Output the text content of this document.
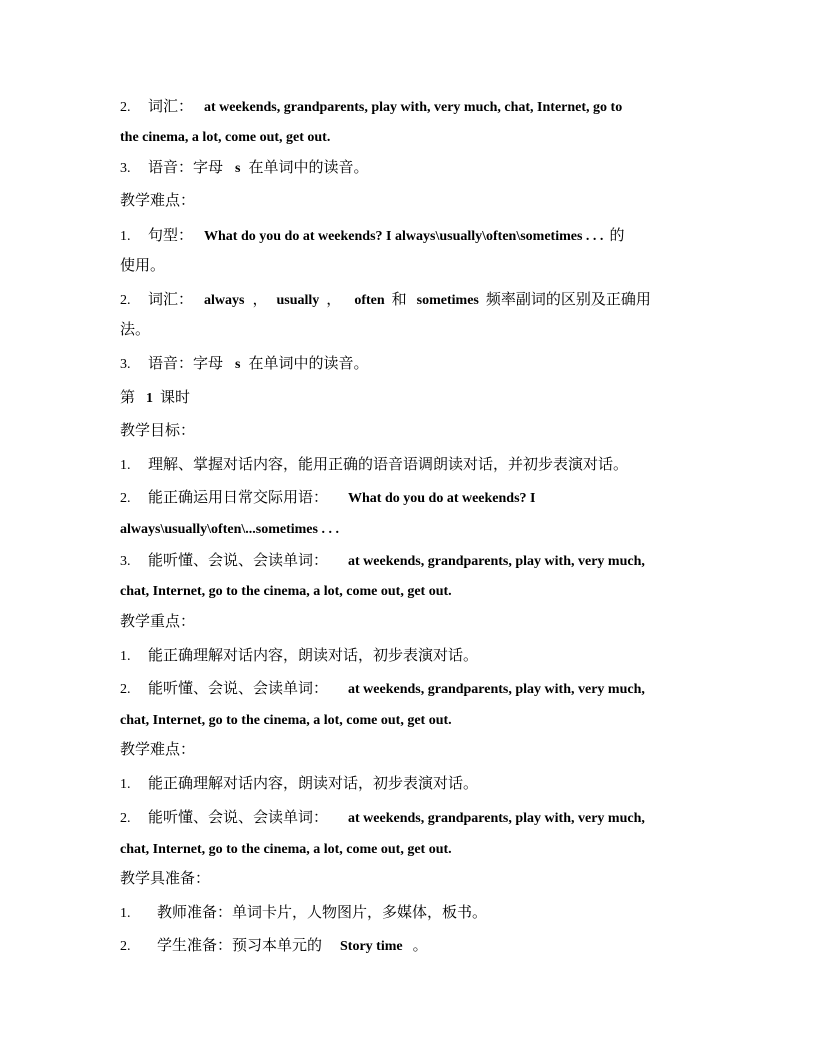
2. 词汇： at weekends, grandparents, play with, very much, chat, Internet, go to
the cinema, a lot, come out, get out.
3. 语音：字母 s 在单词中的读音。
教学难点：
1. 句型： What do you do at weekends? I always\usually\often\sometimes . . . 的
使用。
2. 词汇： always ， usually ， often 和 sometimes 频率副词的区别及正确用
法。
3. 语音：字母 s 在单词中的读音。
第 1 课时
教学目标：
1. 理解、掌握对话内容，能用正确的语音语调朗读对话，并初步表演对话。
2. 能正确运用日常交际用语： What do you do at weekends? I
always\usually\often\...sometimes . . .
3. 能听懂、会说、会读单词： at weekends, grandparents, play with, very much,
chat, Internet, go to the cinema, a lot, come out, get out.
教学重点：
1. 能正确理解对话内容，朗读对话，初步表演对话。
2. 能听懂、会说、会读单词： at weekends, grandparents, play with, very much,
chat, Internet, go to the cinema, a lot, come out, get out.
教学难点：
1. 能正确理解对话内容，朗读对话，初步表演对话。
2. 能听懂、会说、会读单词： at weekends, grandparents, play with, very much,
chat, Internet, go to the cinema, a lot, come out, get out.
教学具准备：
1. 教师准备：单词卡片，人物图片，多媒体，板书。
2. 学生准备：预习本单元的 Story time 。
